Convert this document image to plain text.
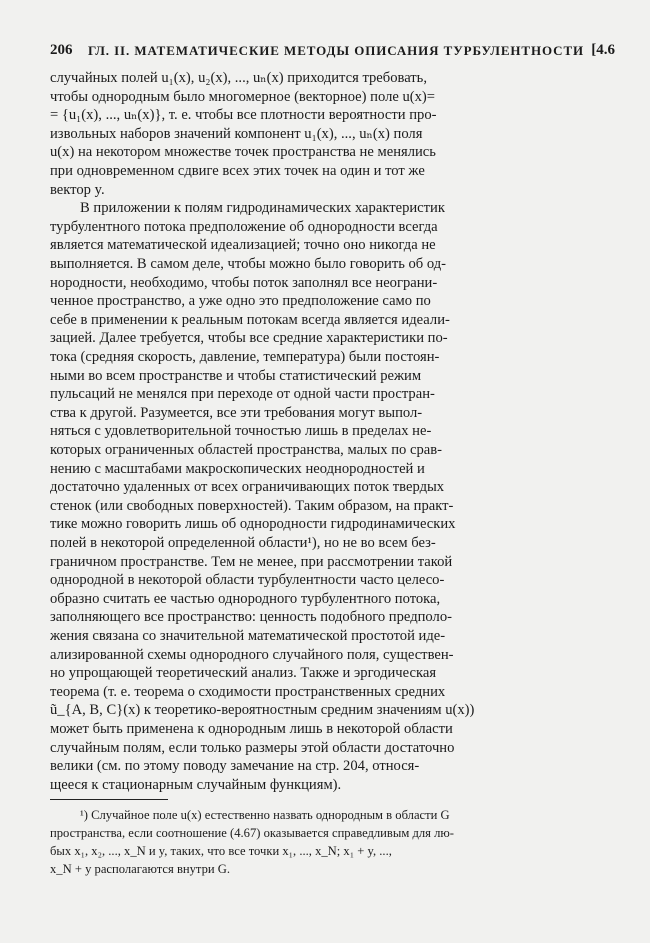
206 ГЛ. II. МАТЕМАТИЧЕСКИЕ МЕТОДЫ ОПИСАНИЯ ТУРБУЛЕНТНОСТИ [4.6
случайных полей u₁(x), u₂(x), ..., uₙ(x) приходится требовать,
чтобы однородным было многомерное (векторное) поле u(x)=
= {u₁(x), ..., uₙ(x)}, т. е. чтобы все плотности вероятности про-
извольных наборов значений компонент u₁(x), ..., uₙ(x) поля
u(x) на некотором множестве точек пространства не менялись
при одновременном сдвиге всех этих точек на один и тот же
вектор y.
В приложении к полям гидродинамических характеристик
турбулентного потока предположение об однородности всегда
является математической идеализацией; точно оно никогда не
выполняется. В самом деле, чтобы можно было говорить об од-
нородности, необходимо, чтобы поток заполнял все неограни-
ченное пространство, а уже одно это предположение само по
себе в применении к реальным потокам всегда является идеали-
зацией. Далее требуется, чтобы все средние характеристики по-
тока (средняя скорость, давление, температура) были постоян-
ными во всем пространстве и чтобы статистический режим
пульсаций не менялся при переходе от одной части простран-
ства к другой. Разумеется, все эти требования могут выпол-
няться с удовлетворительной точностью лишь в пределах не-
которых ограниченных областей пространства, малых по срав-
нению с масштабами макроскопических неоднородностей и
достаточно удаленных от всех ограничивающих поток твердых
стенок (или свободных поверхностей). Таким образом, на практ-
тике можно говорить лишь об однородности гидродинамических
полей в некоторой определенной области¹), но не во всем без-
граничном пространстве. Тем не менее, при рассмотрении такой
однородной в некоторой области турбулентности часто целесо-
образно считать ее частью однородного турбулентного потока,
заполняющего все пространство: ценность подобного предполо-
жения связана со значительной математической простотой иде-
ализированной схемы однородного случайного поля, существен-
но упрощающей теоретический анализ. Также и эргодическая
теорема (т. е. теорема о сходимости пространственных средних
ũ_{A, B, C}(x) к теоретико-вероятностным средним значениям u(x))
может быть применена к однородным лишь в некоторой области
случайным полям, если только размеры этой области достаточно
велики (см. по этому поводу замечание на стр. 204, относя-
щееся к стационарным случайным функциям).
¹) Случайное поле u(x) естественно назвать однородным в области G
пространства, если соотношение (4.67) оказывается справедливым для лю-
бых x₁, x₂, ..., x_N и y, таких, что все точки x₁, ..., x_N; x₁ + y, ...,
x_N + y располагаются внутри G.
